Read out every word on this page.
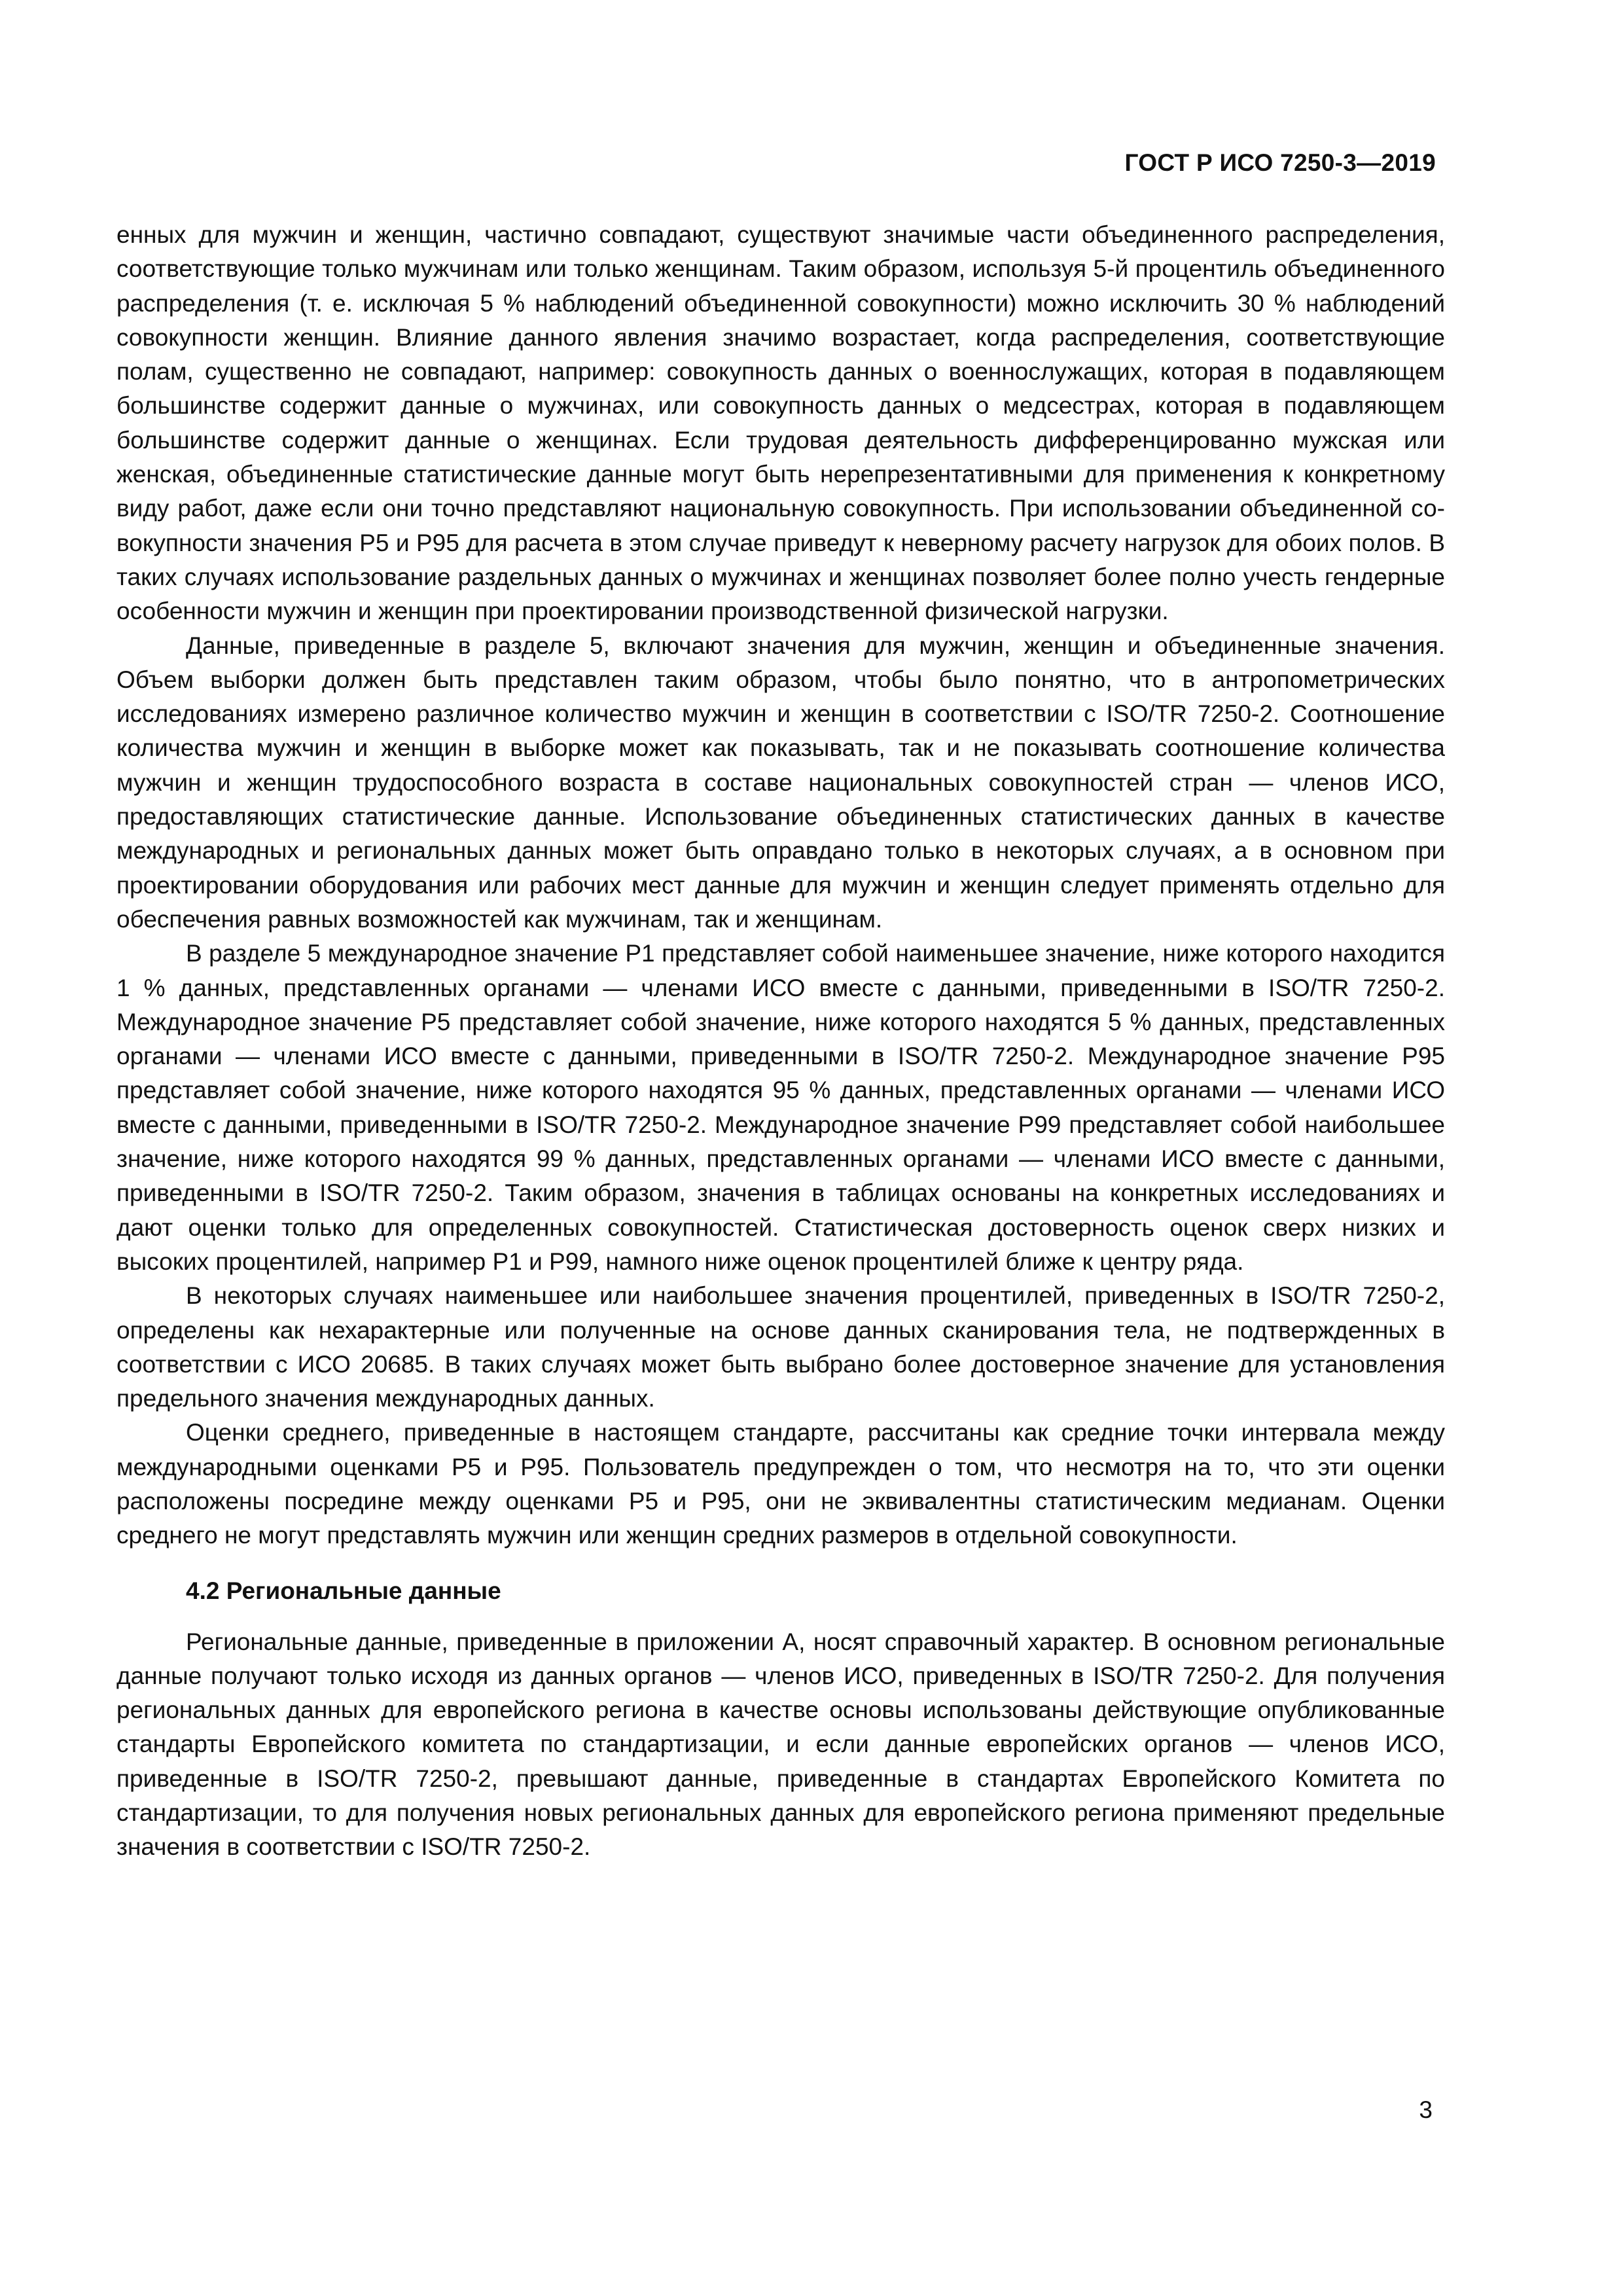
ГОСТ Р ИСО 7250-3—2019

енных для мужчин и женщин, частично совпадают, существуют значимые части объединенного распределения, соответствующие только мужчинам или только женщинам. Таким образом, используя 5-й процентиль объединенного распределения (т. е. исключая 5 % наблюдений объединенной совокупности) можно исключить 30 % наблюдений совокупности женщин. Влияние данного явления значимо возрастает, когда распределения, соответствующие полам, существенно не совпадают, например: совокупность данных о военнослужащих, которая в подавляющем большинстве содержит данные о мужчинах, или совокупность данных о медсестрах, которая в подавляющем большинстве содержит данные о женщинах. Если трудовая деятельность дифференцированно мужская или женская, объединенные статистические данные могут быть нерепрезентативными для применения к конкретному виду работ, даже если они точно представляют национальную совокупность. При использовании объединенной совокупности значения P5 и P95 для расчета в этом случае приведут к неверному расчету нагрузок для обоих полов. В таких случаях использование раздельных данных о мужчинах и женщинах позволяет более полно учесть гендерные особенности мужчин и женщин при проектировании производственной физической нагрузки.

Данные, приведенные в разделе 5, включают значения для мужчин, женщин и объединенные значения. Объем выборки должен быть представлен таким образом, чтобы было понятно, что в антропометрических исследованиях измерено различное количество мужчин и женщин в соответствии с ISO/TR 7250-2. Соотношение количества мужчин и женщин в выборке может как показывать, так и не показывать соотношение количества мужчин и женщин трудоспособного возраста в составе национальных совокупностей стран — членов ИСО, предоставляющих статистические данные. Использование объединенных статистических данных в качестве международных и региональных данных может быть оправдано только в некоторых случаях, а в основном при проектировании оборудования или рабочих мест данные для мужчин и женщин следует применять отдельно для обеспечения равных возможностей как мужчинам, так и женщинам.

В разделе 5 международное значение P1 представляет собой наименьшее значение, ниже которого находится 1 % данных, представленных органами — членами ИСО вместе с данными, приведенными в ISO/TR 7250-2. Международное значение P5 представляет собой значение, ниже которого находятся 5 % данных, представленных органами — членами ИСО вместе с данными, приведенными в ISO/TR 7250-2. Международное значение P95 представляет собой значение, ниже которого находятся 95 % данных, представленных органами — членами ИСО вместе с данными, приведенными в ISO/TR 7250-2. Международное значение P99 представляет собой наибольшее значение, ниже которого находятся 99 % данных, представленных органами — членами ИСО вместе с данными, приведенными в ISO/TR 7250-2. Таким образом, значения в таблицах основаны на конкретных исследованиях и дают оценки только для определенных совокупностей. Статистическая достоверность оценок сверх низких и высоких процентилей, например P1 и P99, намного ниже оценок процентилей ближе к центру ряда.

В некоторых случаях наименьшее или наибольшее значения процентилей, приведенных в ISO/TR 7250-2, определены как нехарактерные или полученные на основе данных сканирования тела, не подтвержденных в соответствии с ИСО 20685. В таких случаях может быть выбрано более достоверное значение для установления предельного значения международных данных.

Оценки среднего, приведенные в настоящем стандарте, рассчитаны как средние точки интервала между международными оценками P5 и P95. Пользователь предупрежден о том, что несмотря на то, что эти оценки расположены посредине между оценками P5 и P95, они не эквивалентны статистическим медианам. Оценки среднего не могут представлять мужчин или женщин средних размеров в отдельной совокупности.

4.2 Региональные данные

Региональные данные, приведенные в приложении А, носят справочный характер. В основном региональные данные получают только исходя из данных органов — членов ИСО, приведенных в ISO/TR 7250-2. Для получения региональных данных для европейского региона в качестве основы использованы действующие опубликованные стандарты Европейского комитета по стандартизации, и если данные европейских органов — членов ИСО, приведенные в ISO/TR 7250-2, превышают данные, приведенные в стандартах Европейского Комитета по стандартизации, то для получения новых региональных данных для европейского региона применяют предельные значения в соответствии с ISO/TR 7250-2.

3
